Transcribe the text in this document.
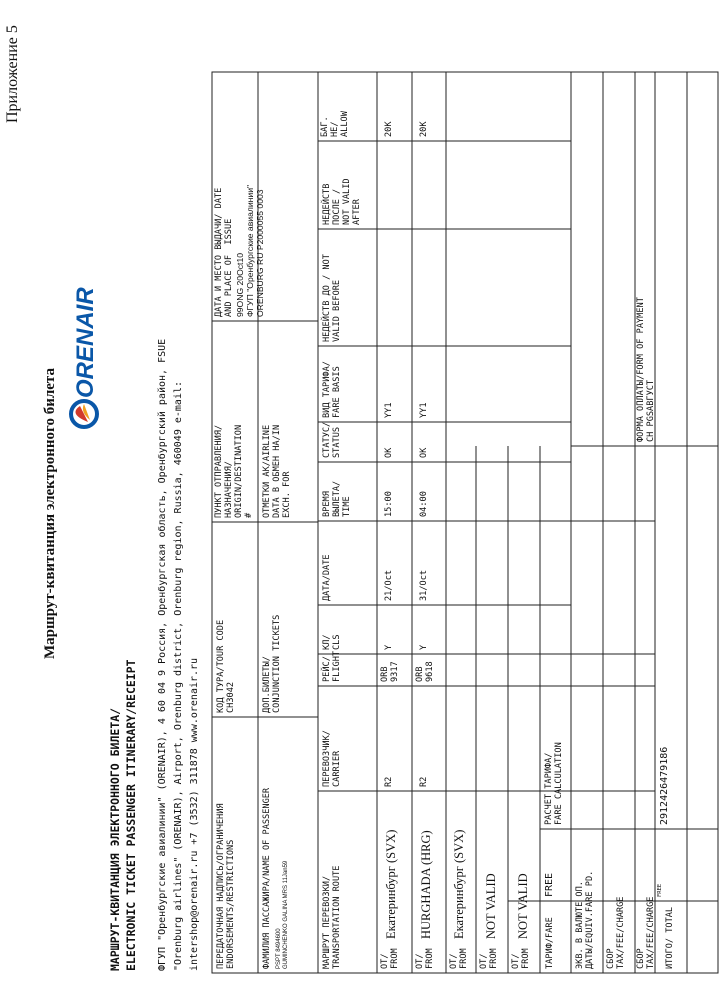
Приложение 5
Маршрут-квитанция электронного билета
ORENAIR
МАРШРУТ-КВИТАНЦИЯ ЭЛЕКТРОННОГО БИЛЕТА/ ELECTRONIC TICKET PASSENGER ITINERARY/RECEIPT ФГУП "Оренбургские авиалинии" (ORENAIR), 4 60 04 9 Россия, Оренбургская область, Оренбургский район, FSUE "Orenburg airlines" (ORENAIR), Airport, Orenburg district, Orenburg region, Russia, 460049 e-mail: intershop@orenair.ru +7 (3532) 311878 www.orenair.ru ПЕРЕДАТОЧНАЯ НАДПИСЬ/ОГРАНИЧЕНИЯ
ENDORSEMENTS/RESTRICTIONS
КОД ТУРА/TOUR CODE
CH3042
ПУНКТ ОТПРАВЛЕНИЯ/
НАЗНАЧЕНИЯ/
ORIGIN/DESTINATION
#
ДАТА И МЕСТО ВЫДАЧИ/ DATE
AND PLACE OF  ISSUE 99ONG 20Oct10
ФГУП "Оренбургские авиалинии"
ORENBURG RU P2000055 0003
ФАМИЛИЯ ПАССАЖИРА/NAME OF PASSENGER PSPT 8494600
GUMINCHENKO GALINA MRS 11Jan59
ДОП.БИЛЕТЫ/
CONJUNCTION TICKETS
ОТМЕТКИ АК/AIRLINE
DATA В ОБМЕН НА/IN
EXCH. FOR
МАРШРУТ ПЕРЕВОЗКИ/
TRANSPORTATION ROUTE
ПЕРЕВОЗЧИК/
CARRIER
РЕЙС/
FLIGHT
КЛ/
CLS
ДАТА/DATE
ВРЕМЯ
ВЫЛЕТА/
TIME
СТАТУС/
STATUS
ВИД ТАРИФА/
FARE BASIS
НЕДЕЙСТВ ДО / NOT
VALID BEFORE
НЕДЕЙСТВ
ПОСЛЕ /
NOT VALID
AFTER
БАГ.
НЕ/
ALLOW
ОТ/
FROM
Екатеринбург (SVX)
R2
ORB 9317
Y
21/Oct
15:00
OK
YY1
20K
ОТ/
FROM
HURGHADA (HRG)
R2
ORB 9618
Y
31/Oct
04:00
OK
YY1
20K
ОТ/
FROM
Екатеринбург (SVX)
ОТ/
FROM
NOT VALID
ОТ/
FROM
NOT VALID
ТАРИФ/FARE
FREE
РАСЧЕТ ТАРИФА/
FARE CALCULATION
ЭКВ. В ВАЛЮТЕ ОП.
ДАТЫ/EQUIV.FARE PD. СБОР
TAX/FEE/CHARGE СБОР
TAX/FEE/CHARGE
ФОРМА ОПЛАТЫ/FORM OF PAYMENT
CH PGSАВГУСТ
ИТОГО/ TOTAL
FREE
2912426479186
